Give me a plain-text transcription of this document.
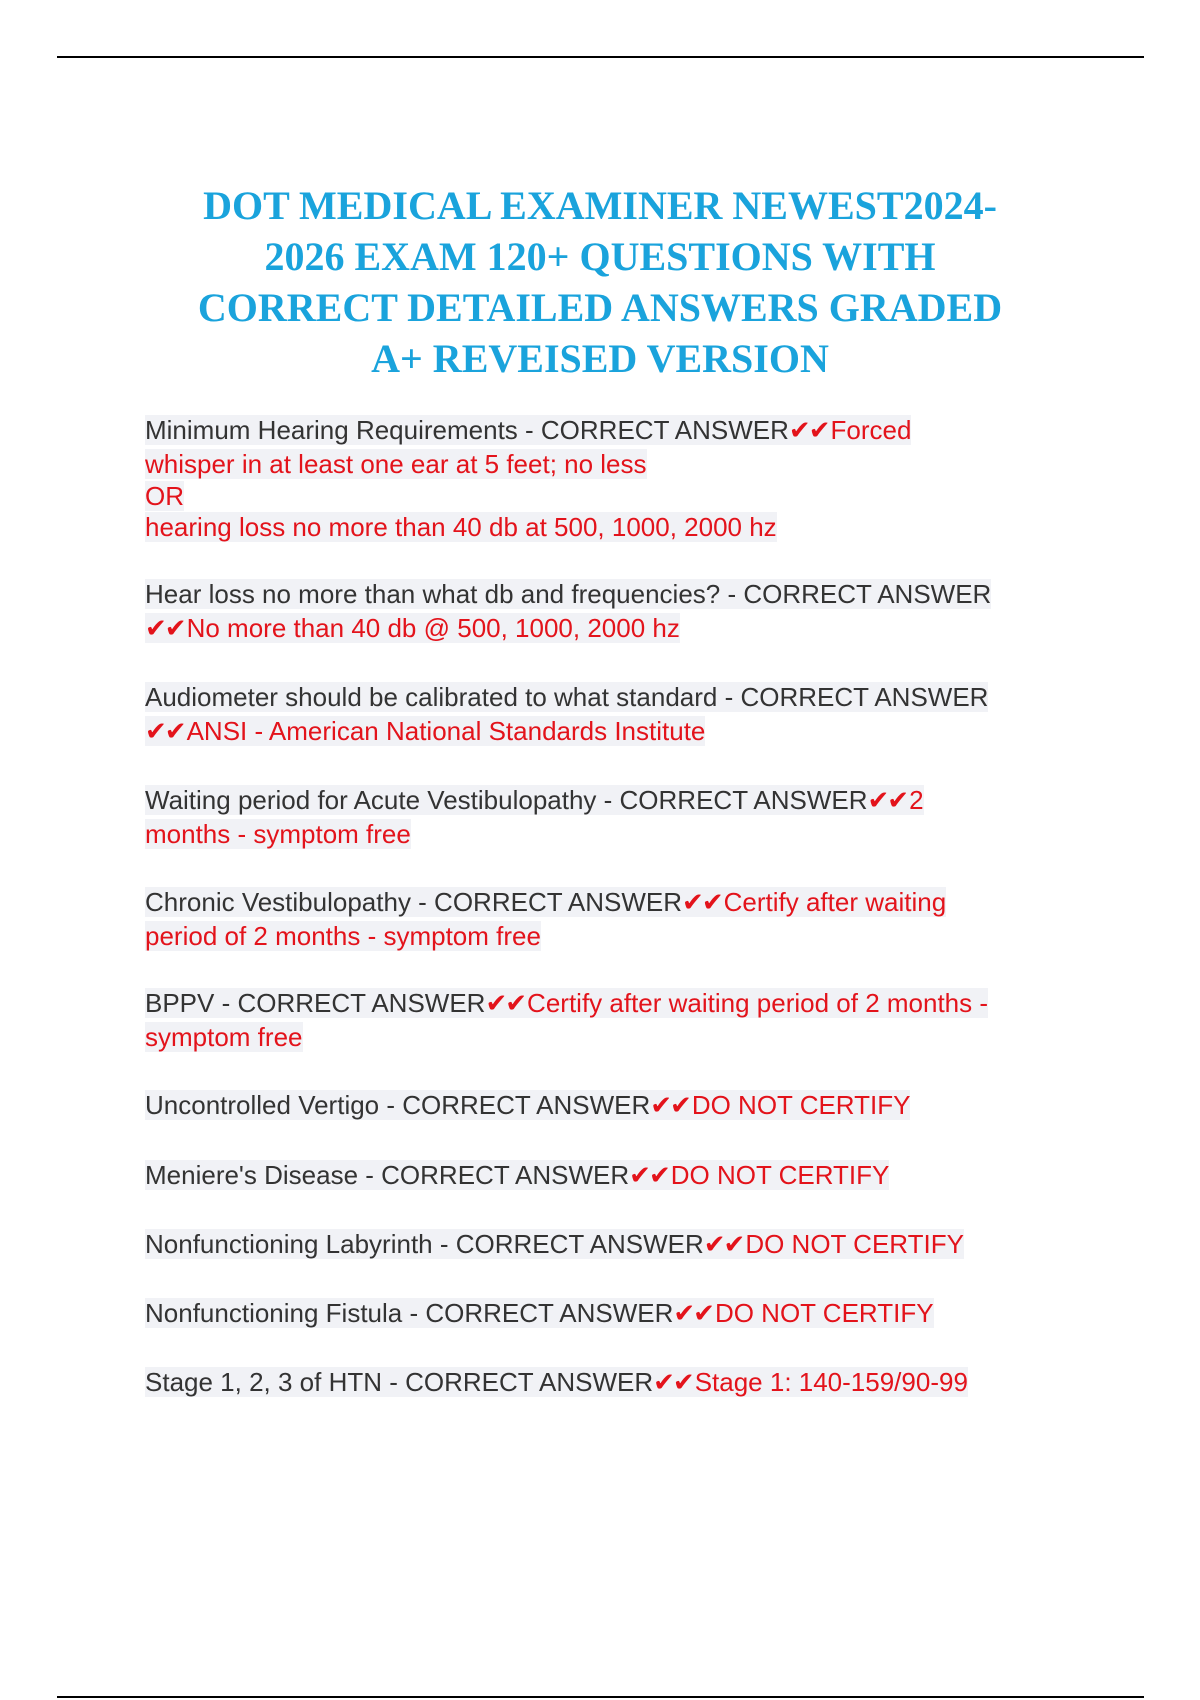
DOT MEDICAL EXAMINER NEWEST2024-
2026 EXAM 120+ QUESTIONS WITH
CORRECT DETAILED ANSWERS GRADED
A+ REVEISED VERSION
Minimum Hearing Requirements - CORRECT ANSWER✔✔Forced
whisper in at least one ear at 5 feet; no less
OR
hearing loss no more than 40 db at 500, 1000, 2000 hz
Hear loss no more than what db and frequencies? - CORRECT ANSWER
✔✔No more than 40 db @ 500, 1000, 2000 hz
Audiometer should be calibrated to what standard - CORRECT ANSWER
✔✔ANSI - American National Standards Institute
Waiting period for Acute Vestibulopathy - CORRECT ANSWER✔✔2
months - symptom free
Chronic Vestibulopathy - CORRECT ANSWER✔✔Certify after waiting
period of 2 months - symptom free
BPPV - CORRECT ANSWER✔✔Certify after waiting period of 2 months -
symptom free
Uncontrolled Vertigo - CORRECT ANSWER✔✔DO NOT CERTIFY
Meniere's Disease - CORRECT ANSWER✔✔DO NOT CERTIFY
Nonfunctioning Labyrinth - CORRECT ANSWER✔✔DO NOT CERTIFY
Nonfunctioning Fistula - CORRECT ANSWER✔✔DO NOT CERTIFY
Stage 1, 2, 3 of HTN - CORRECT ANSWER✔✔Stage 1: 140-159/90-99
